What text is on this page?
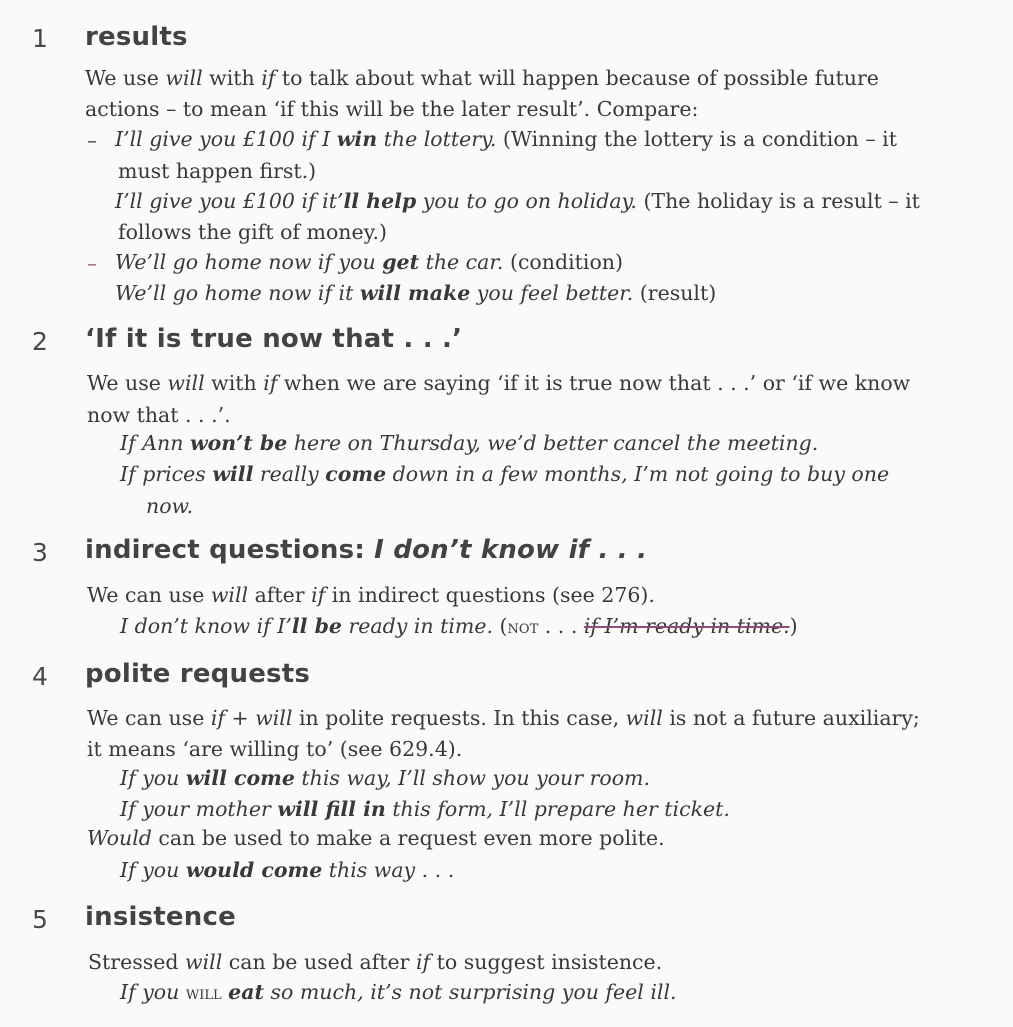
1 results
We use will with if to talk about what will happen because of possible future
actions – to mean ‘if this will be the later result’. Compare:
– I’ll give you £100 if I win the lottery. (Winning the lottery is a condition – it
must happen first.)
I’ll give you £100 if it’ll help you to go on holiday. (The holiday is a result – it
follows the gift of money.)
– We’ll go home now if you get the car. (condition)
We’ll go home now if it will make you feel better. (result)
2 ‘If it is true now that . . .’
We use will with if when we are saying ‘if it is true now that . . .’ or ‘if we know
now that . . .’.
If Ann won’t be here on Thursday, we’d better cancel the meeting.
If prices will really come down in a few months, I’m not going to buy one
now.
3 indirect questions: I don’t know if . . .
We can use will after if in indirect questions (see 276).
I don’t know if I’ll be ready in time. (not . . . if I’m ready in time.)
4 polite requests
We can use if + will in polite requests. In this case, will is not a future auxiliary;
it means ‘are willing to’ (see 629.4).
If you will come this way, I’ll show you your room.
If your mother will fill in this form, I’ll prepare her ticket.
Would can be used to make a request even more polite.
If you would come this way . . .
5 insistence
Stressed will can be used after if to suggest insistence.
If you will eat so much, it’s not surprising you feel ill.
